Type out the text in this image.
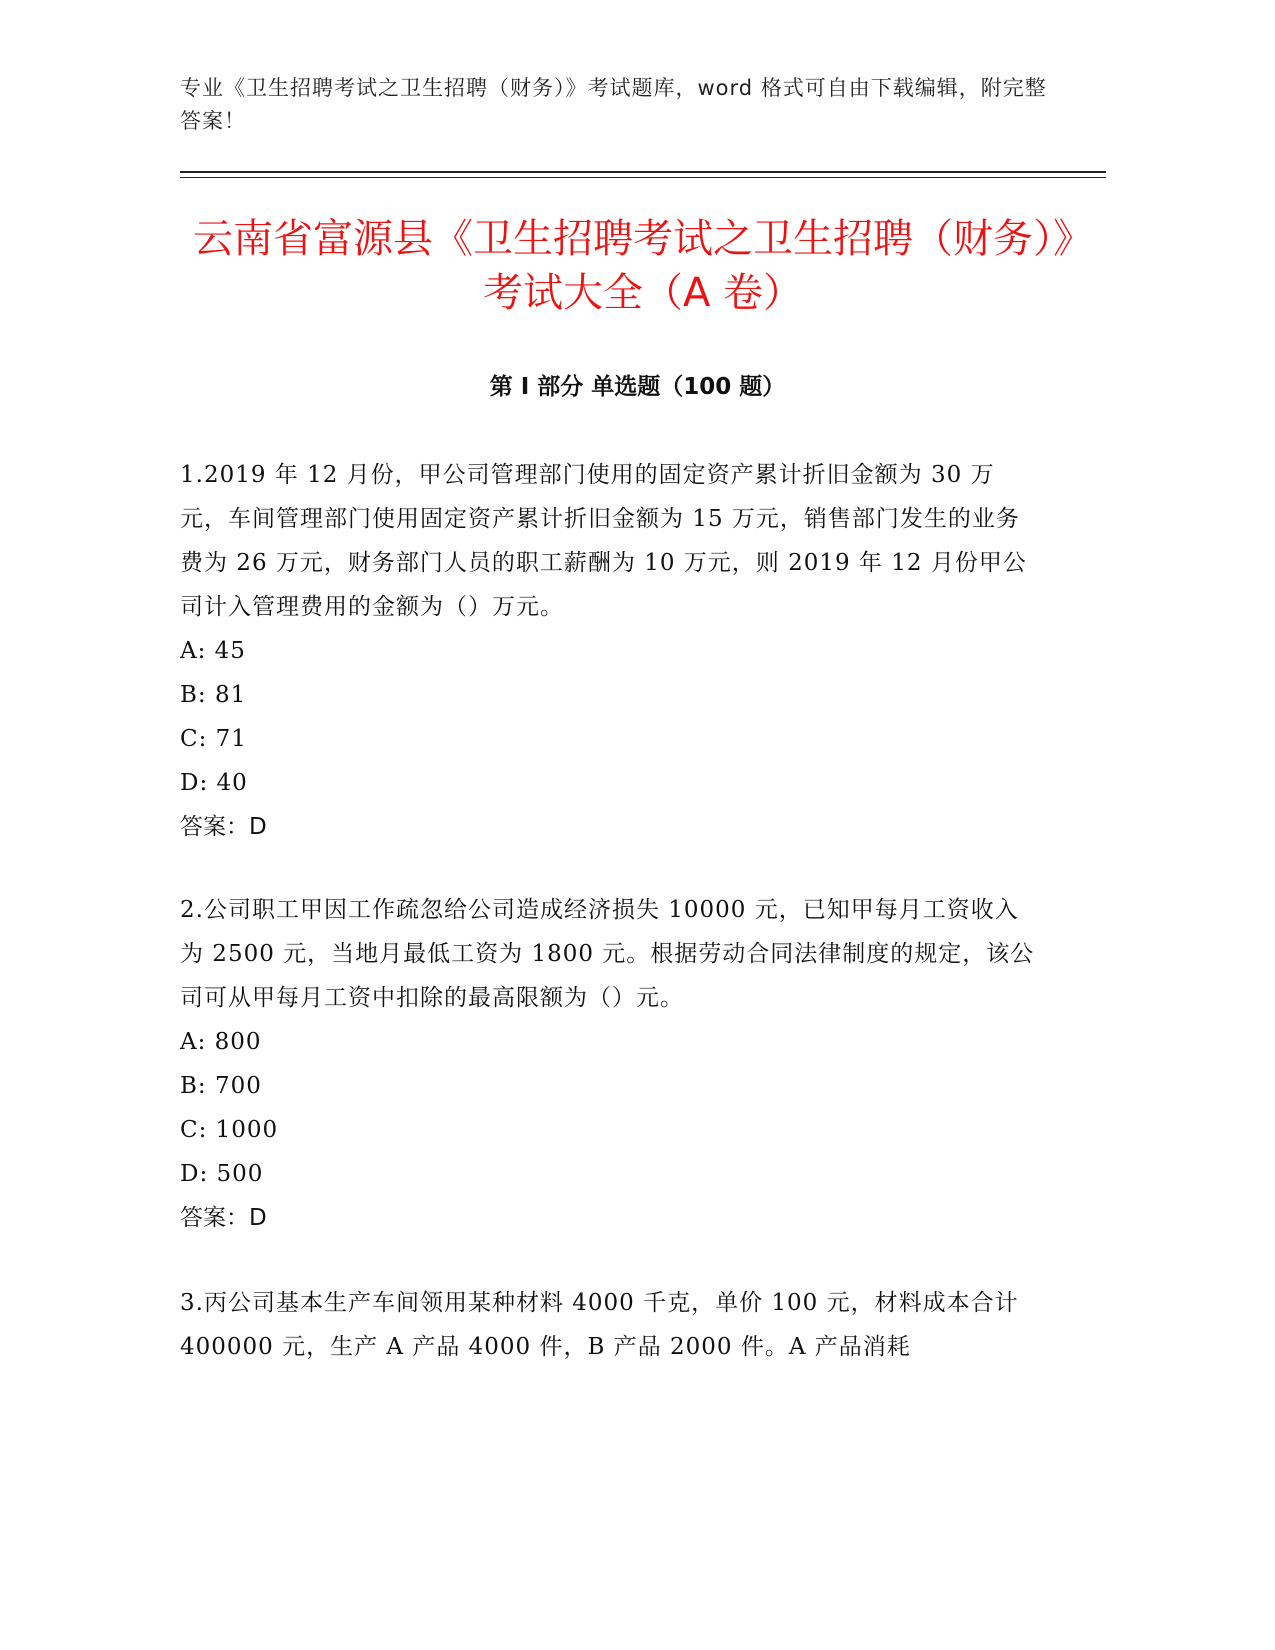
专业《卫生招聘考试之卫生招聘（财务）》考试题库，word 格式可自由下载编辑，附完整答案！
云南省富源县《卫生招聘考试之卫生招聘（财务）》考试大全（A 卷）
第 I 部分 单选题（100 题）

1.2019 年 12 月份，甲公司管理部门使用的固定资产累计折旧金额为 30 万元，车间管理部门使用固定资产累计折旧金额为 15 万元，销售部门发生的业务费为 26 万元，财务部门人员的职工薪酬为 10 万元，则 2019 年 12 月份甲公司计入管理费用的金额为（）万元。

A: 45

B: 81

C: 71

D: 40

答案：D

2.公司职工甲因工作疏忽给公司造成经济损失 10000 元，已知甲每月工资收入为 2500 元，当地月最低工资为 1800 元。根据劳动合同法律制度的规定，该公司可从甲每月工资中扣除的最高限额为（）元。

A: 800

B: 700

C: 1000

D: 500

答案：D

3.丙公司基本生产车间领用某种材料 4000 千克，单价 100 元，材料成本合计 400000 元，生产 A 产品 4000 件，B 产品 2000 件。A 产品消耗
